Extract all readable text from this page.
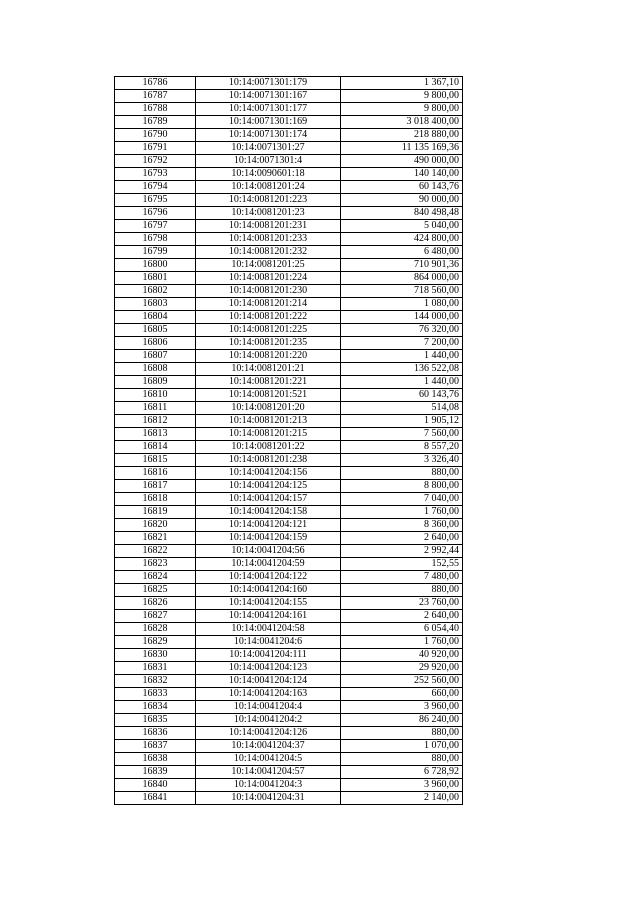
16786	10:14:0071301:179	1 367,10
16787	10:14:0071301:167	9 800,00
16788	10:14:0071301:177	9 800,00
16789	10:14:0071301:169	3 018 400,00
16790	10:14:0071301:174	218 880,00
16791	10:14:0071301:27	11 135 169,36
16792	10:14:0071301:4	490 000,00
16793	10:14:0090601:18	140 140,00
16794	10:14:0081201:24	60 143,76
16795	10:14:0081201:223	90 000,00
16796	10:14:0081201:23	840 498,48
16797	10:14:0081201:231	5 040,00
16798	10:14:0081201:233	424 800,00
16799	10:14:0081201:232	6 480,00
16800	10:14:0081201:25	710 901,36
16801	10:14:0081201:224	864 000,00
16802	10:14:0081201:230	718 560,00
16803	10:14:0081201:214	1 080,00
16804	10:14:0081201:222	144 000,00
16805	10:14:0081201:225	76 320,00
16806	10:14:0081201:235	7 200,00
16807	10:14:0081201:220	1 440,00
16808	10:14:0081201:21	136 522,08
16809	10:14:0081201:221	1 440,00
16810	10:14:0081201:521	60 143,76
16811	10:14:0081201:20	514,08
16812	10:14:0081201:213	1 905,12
16813	10:14:0081201:215	7 560,00
16814	10:14:0081201:22	8 557,20
16815	10:14:0081201:238	3 326,40
16816	10:14:0041204:156	880,00
16817	10:14:0041204:125	8 800,00
16818	10:14:0041204:157	7 040,00
16819	10:14:0041204:158	1 760,00
16820	10:14:0041204:121	8 360,00
16821	10:14:0041204:159	2 640,00
16822	10:14:0041204:56	2 992,44
16823	10:14:0041204:59	152,55
16824	10:14:0041204:122	7 480,00
16825	10:14:0041204:160	880,00
16826	10:14:0041204:155	23 760,00
16827	10:14:0041204:161	2 640,00
16828	10:14:0041204:58	6 054,40
16829	10:14:0041204:6	1 760,00
16830	10:14:0041204:111	40 920,00
16831	10:14:0041204:123	29 920,00
16832	10:14:0041204:124	252 560,00
16833	10:14:0041204:163	660,00
16834	10:14:0041204:4	3 960,00
16835	10:14:0041204:2	86 240,00
16836	10:14:0041204:126	880,00
16837	10:14:0041204:37	1 070,00
16838	10:14:0041204:5	880,00
16839	10:14:0041204:57	6 728,92
16840	10:14:0041204:3	3 960,00
16841	10:14:0041204:31	2 140,00
